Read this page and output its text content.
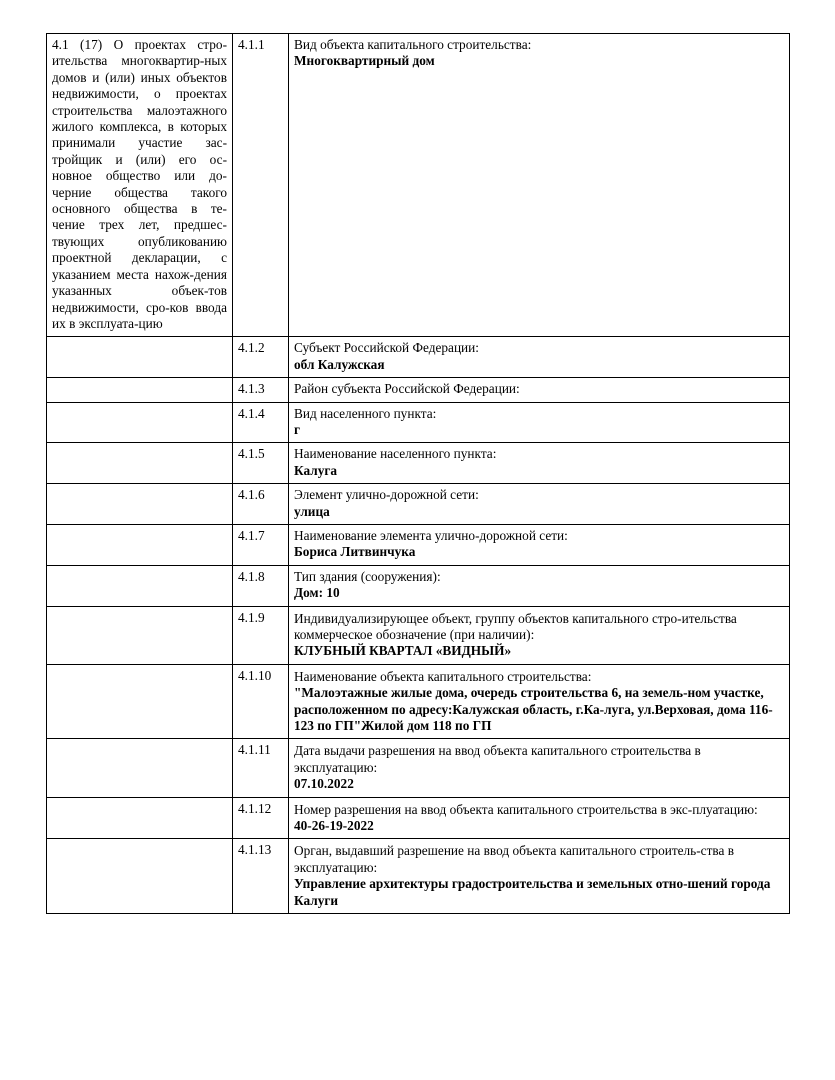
4.1 (17) О проектах стро-ительства многоквартир-ных домов и (или) иных объектов недвижимости, о проектах строительства малоэтажного жилого комплекса, в которых принимали участие зас-тройщик и (или) его ос-новное общество или до-черние общества такого основного общества в те-чение трех лет, предшес-твующих опубликованию проектной декларации, с указанием места нахож-дения указанных объек-тов недвижимости, сро-ков ввода их в эксплуата-цию	4.1.1	Вид объекта капитального строительства:
Многоквартирный дом

	4.1.2	Субъект Российской Федерации:
обл Калужская

	4.1.3	Район субъекта Российской Федерации:

	4.1.4	Вид населенного пункта:
г

	4.1.5	Наименование населенного пункта:
Калуга

	4.1.6	Элемент улично-дорожной сети:
улица

	4.1.7	Наименование элемента улично-дорожной сети:
Бориса Литвинчука

	4.1.8	Тип здания (сооружения):
Дом: 10

	4.1.9	Индивидуализирующее объект, группу объектов капитального стро-ительства коммерческое обозначение (при наличии):
КЛУБНЫЙ КВАРТАЛ «ВИДНЫЙ»

	4.1.10	Наименование объекта капитального строительства:
"Малоэтажные жилые дома, очередь строительства 6, на земель-ном участке, расположенном по адресу:Калужская область, г.Ка-луга, ул.Верховая, дома 116-123 по ГП"Жилой дом 118 по ГП

	4.1.11	Дата выдачи разрешения на ввод объекта капитального строительства в эксплуатацию:
07.10.2022

	4.1.12	Номер разрешения на ввод объекта капитального строительства в экс-плуатацию:
40-26-19-2022

	4.1.13	Орган, выдавший разрешение на ввод объекта капитального строитель-ства в эксплуатацию:
Управление архитектуры градостроительства и земельных отно-шений города Калуги
